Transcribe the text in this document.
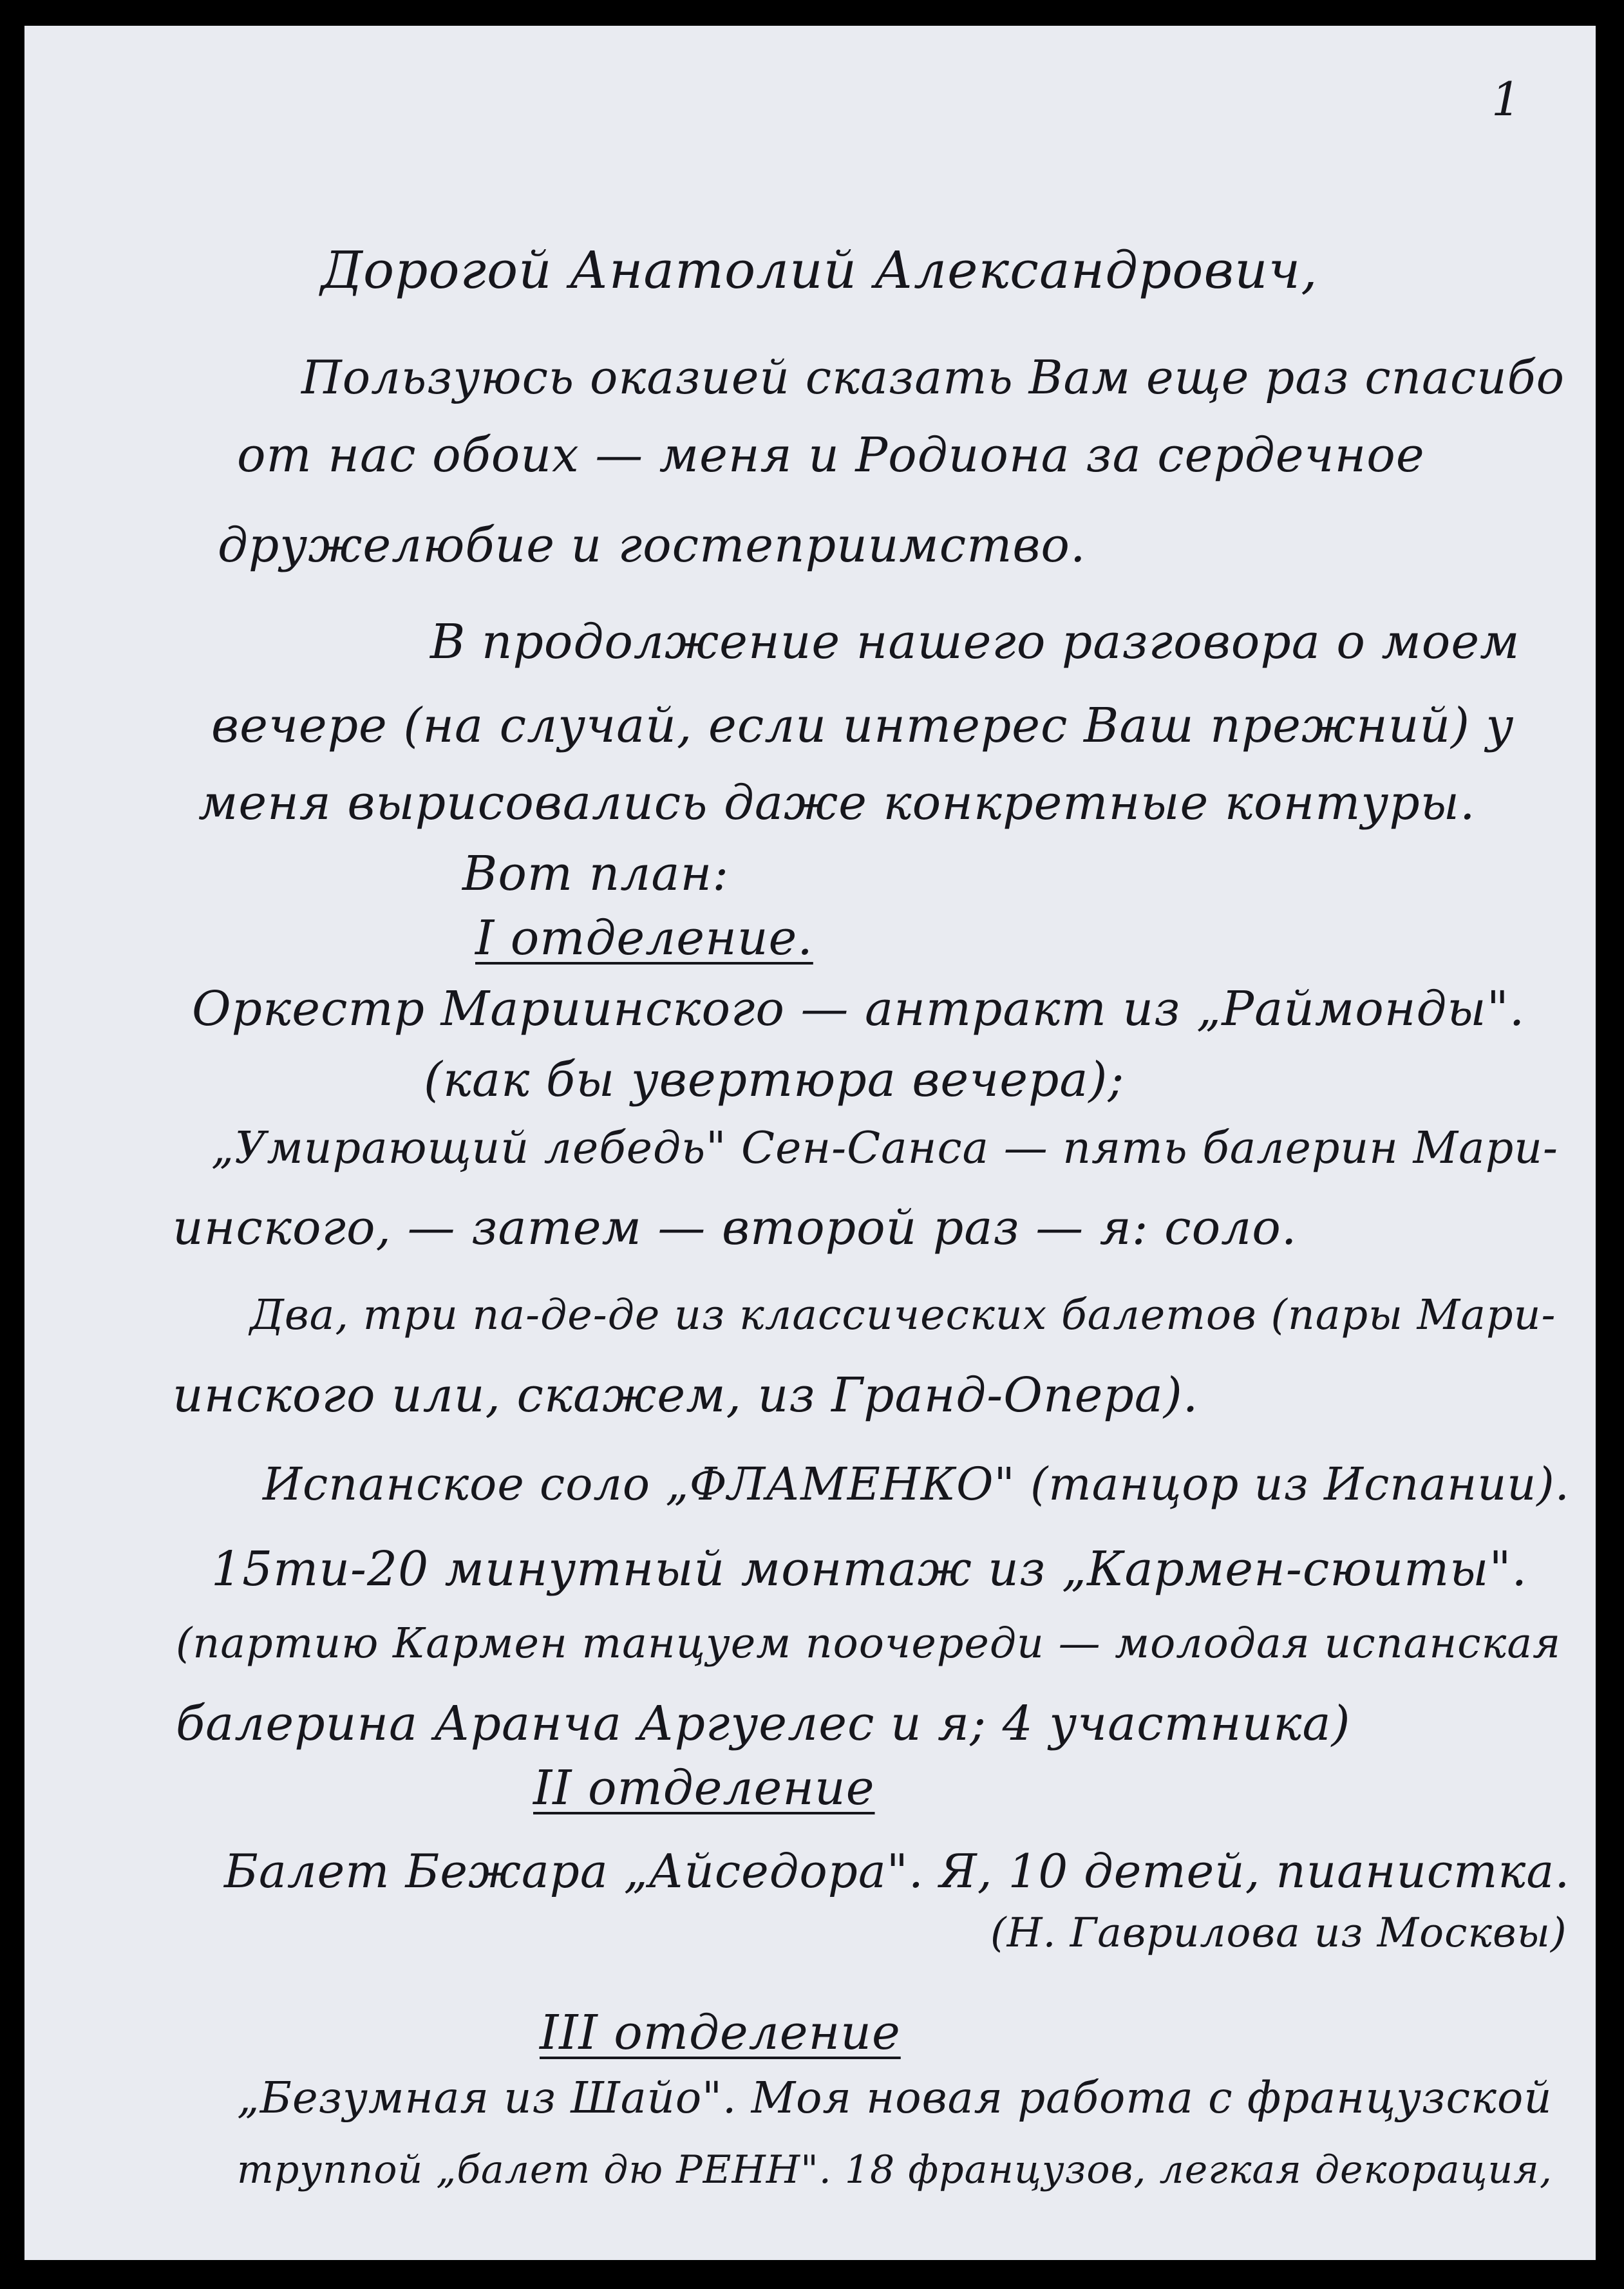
1
Дорогой Анатолий Александрович,
Пользуюсь оказией сказать Вам еще раз спасибо
от нас обоих — меня и Родиона за сердечное
дружелюбие и гостеприимство.
В продолжение нашего разговора о моем
вечере (на случай, если интерес Ваш прежний) у
меня вырисовались даже конкретные контуры.
Вот план:
I отделение.
Оркестр Мариинского — антракт из „Раймонды".
(как бы увертюра вечера);
„Умирающий лебедь" Сен-Санса — пять балерин Мари-
инского, — затем — второй раз — я: соло.
Два, три па-де-де из классических балетов (пары Мари-
инского или, скажем, из Гранд-Опера).
Испанское соло „ФЛАМЕНКО" (танцор из Испании).
15ти-20 минутный монтаж из „Кармен-сюиты".
(партию Кармен танцуем поочереди — молодая испанская
балерина Аранча Аргуелес и я; 4 участника)
II отделение
Балет Бежара „Айседора". Я, 10 детей, пианистка.
(Н. Гаврилова из Москвы)
III отделение
„Безумная из Шайо". Моя новая работа с французской
труппой „балет дю РЕНН". 18 французов, легкая декорация,
